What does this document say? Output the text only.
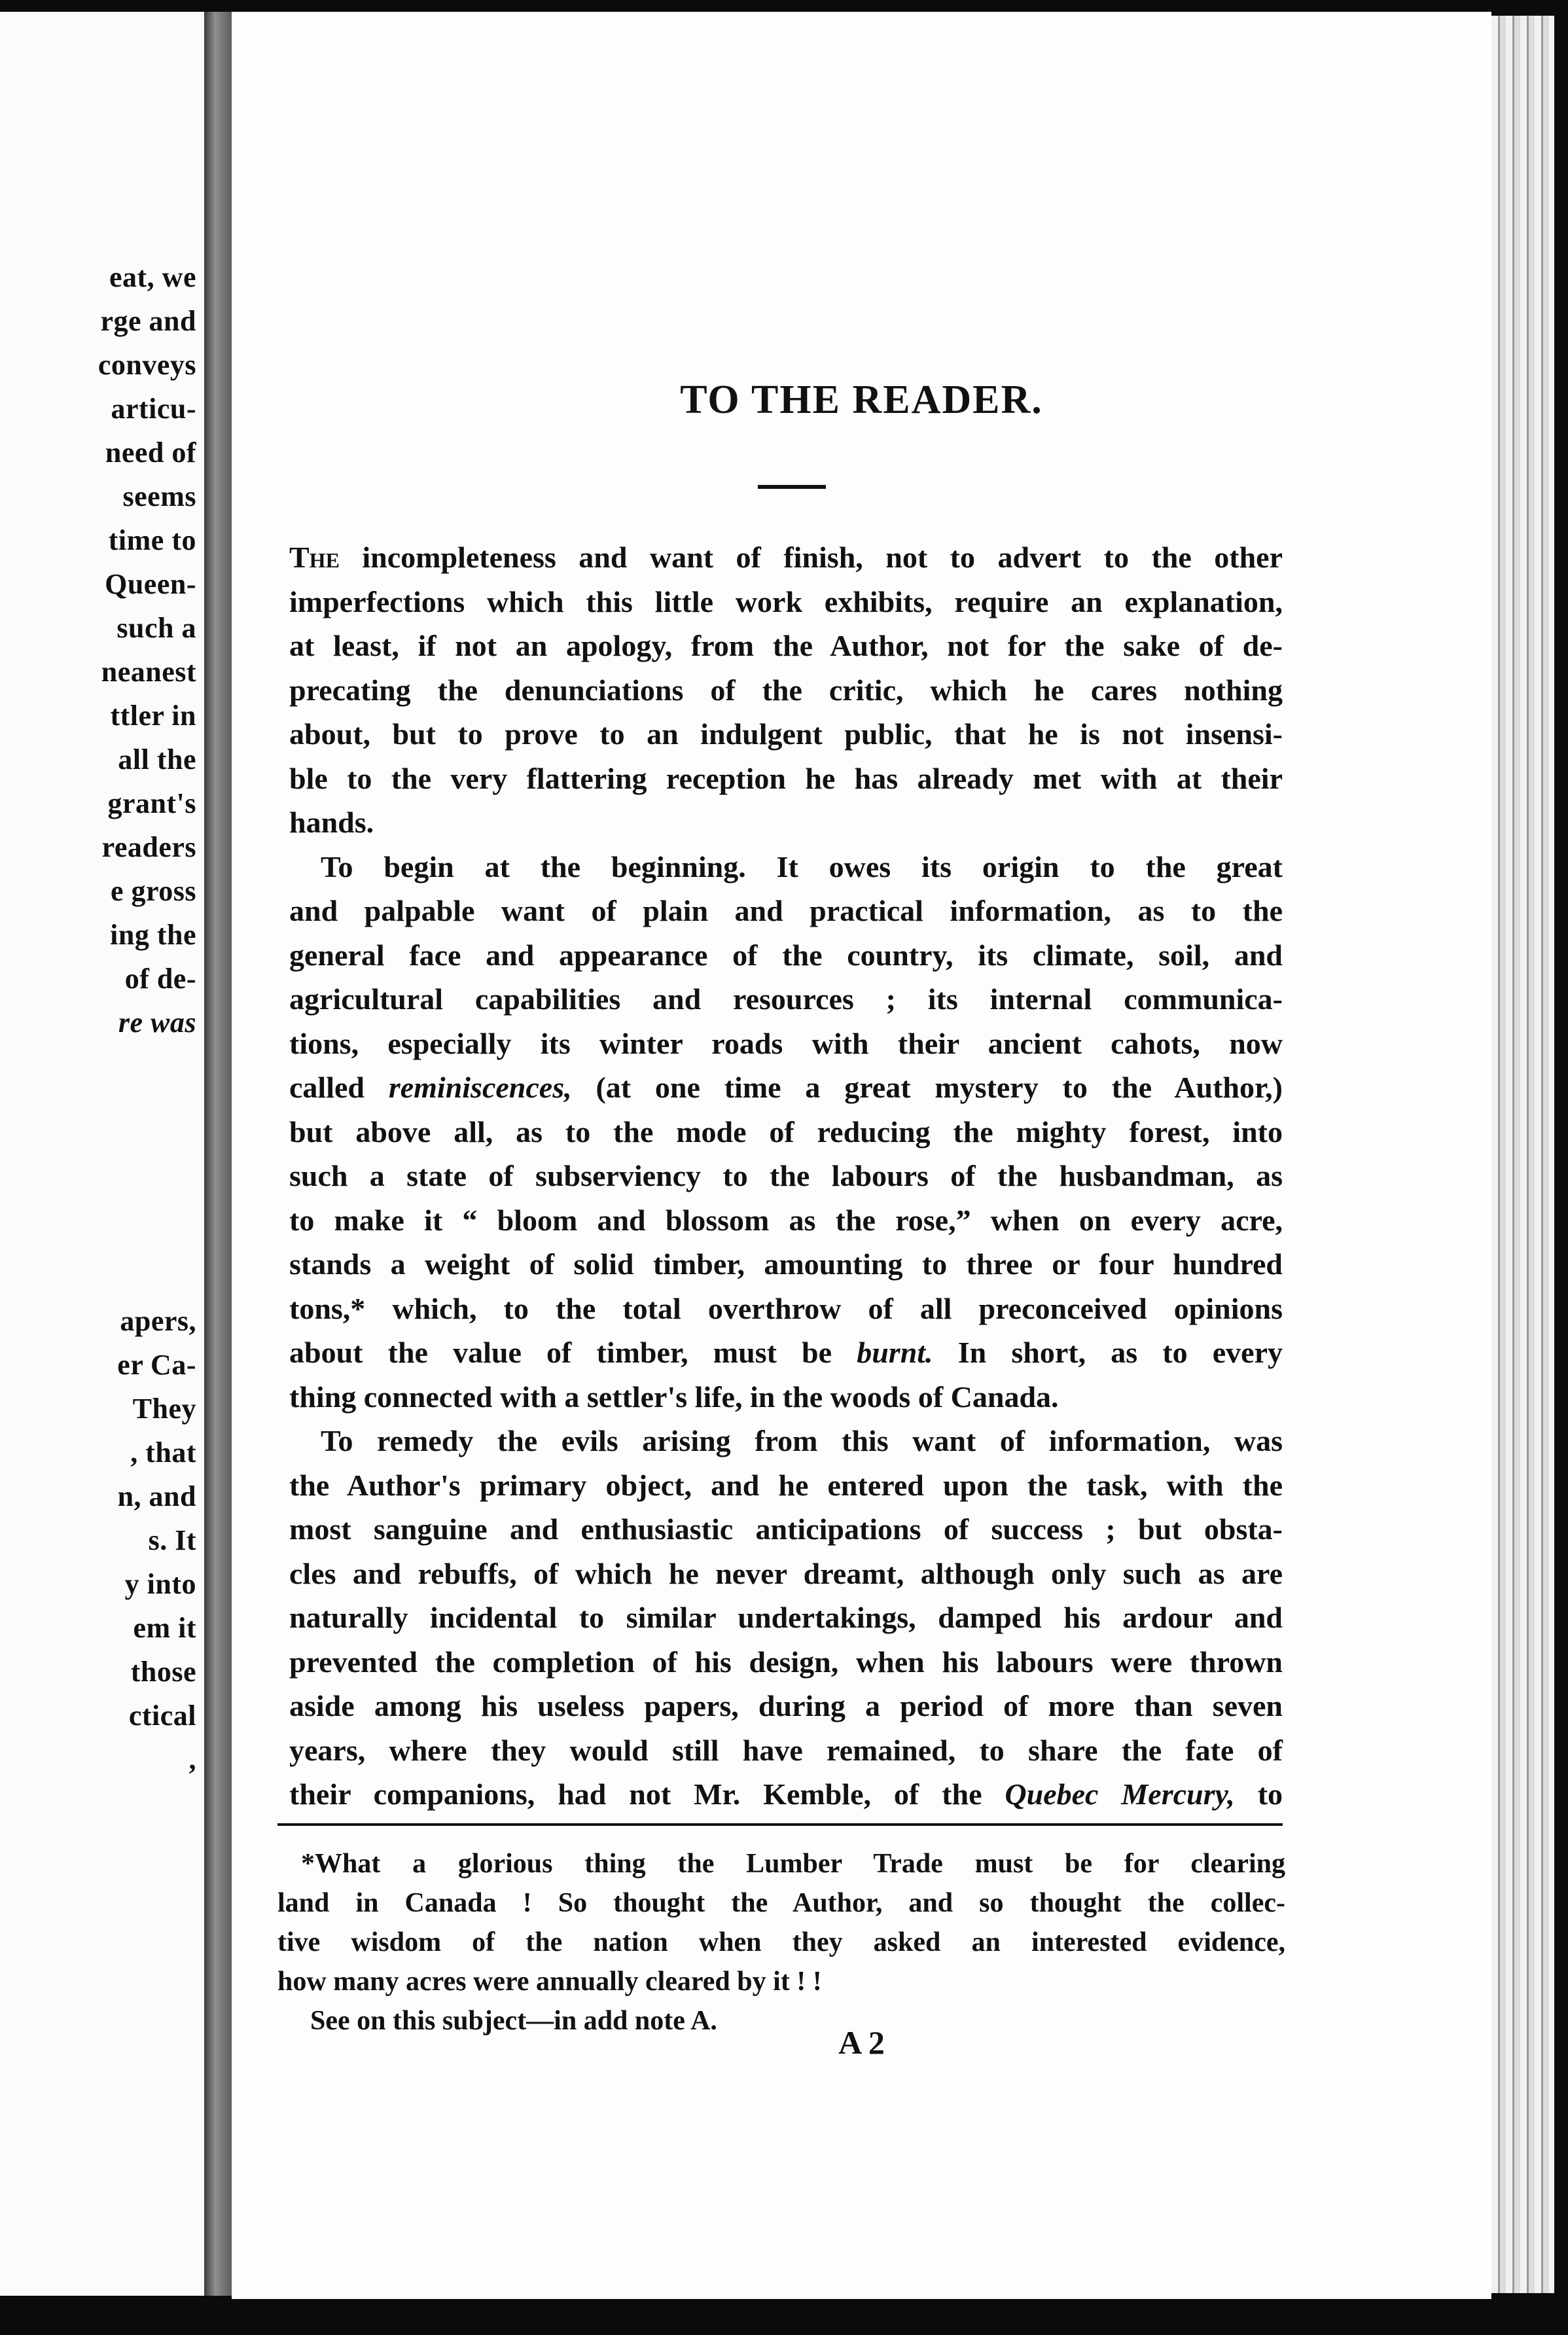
eat, we
rge and
conveys
articu-
need of
seems
time to
Queen-
such a
neanest
ttler in
all the
grant's
readers
e gross
ing the
of de-
re was
apers,
er Ca-
They
, that
n, and
s. It
y into
em it
those
ctical
,
TO THE READER.
The incompleteness and want of finish, not to advert to the other
imperfections which this little work exhibits, require an explanation,
at least, if not an apology, from the Author, not for the sake of de-
precating the denunciations of the critic, which he cares nothing
about, but to prove to an indulgent public, that he is not insensi-
ble to the very flattering reception he has already met with at their
hands.
To begin at the beginning. It owes its origin to the great
and palpable want of plain and practical information, as to the
general face and appearance of the country, its climate, soil, and
agricultural capabilities and resources ; its internal communica-
tions, especially its winter roads with their ancient cahots, now
called reminiscences, (at one time a great mystery to the Author,)
but above all, as to the mode of reducing the mighty forest, into
such a state of subserviency to the labours of the husbandman, as
to make it “ bloom and blossom as the rose,” when on every acre,
stands a weight of solid timber, amounting to three or four hundred
tons,* which, to the total overthrow of all preconceived opinions
about the value of timber, must be burnt. In short, as to every
thing connected with a settler's life, in the woods of Canada.
To remedy the evils arising from this want of information, was
the Author's primary object, and he entered upon the task, with the
most sanguine and enthusiastic anticipations of success ; but obsta-
cles and rebuffs, of which he never dreamt, although only such as are
naturally incidental to similar undertakings, damped his ardour and
prevented the completion of his design, when his labours were thrown
aside among his useless papers, during a period of more than seven
years, where they would still have remained, to share the fate of
their companions, had not Mr. Kemble, of the Quebec Mercury, to
*What a glorious thing the Lumber Trade must be for clearing
land in Canada ! So thought the Author, and so thought the collec-
tive wisdom of the nation when they asked an interested evidence,
how many acres were annually cleared by it ! !
See on this subject—in add note A.
A 2
